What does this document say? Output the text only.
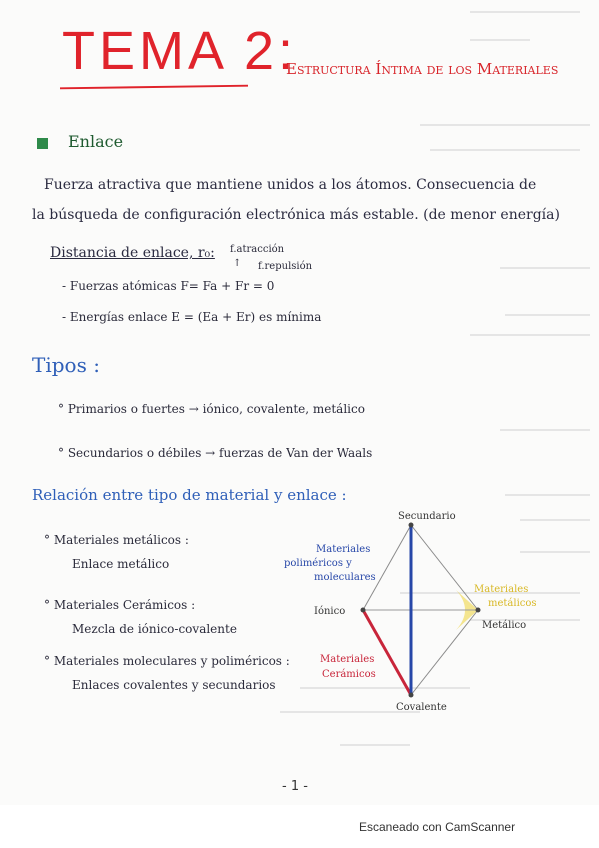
TEMA 2:
Estructura Íntima de los Materiales
Enlace
Fuerza atractiva que mantiene unidos a los átomos. Consecuencia de
la búsqueda de configuración electrónica más estable. (de menor energía)
Distancia de enlace, r₀: f.atracción
↑ f.repulsión
- Fuerzas atómicas F= Fa + Fr = 0
- Energías enlace E = (Ea + Er) es mínima
Tipos :
° Primarios o fuertes → iónico, covalente, metálico
° Secundarios o débiles → fuerzas de Van der Waals
Relación entre tipo de material y enlace :
° Materiales metálicos :
Enlace metálico
° Materiales Cerámicos :
Mezcla de iónico-covalente
° Materiales moleculares y poliméricos :
Enlaces covalentes y secundarios
Secundario
Iónico
Metálico
Covalente
Materiales
poliméricos y
moleculares
Materiales
Cerámicos
Materiales
metálicos
- 1 -
Escaneado con CamScanner
